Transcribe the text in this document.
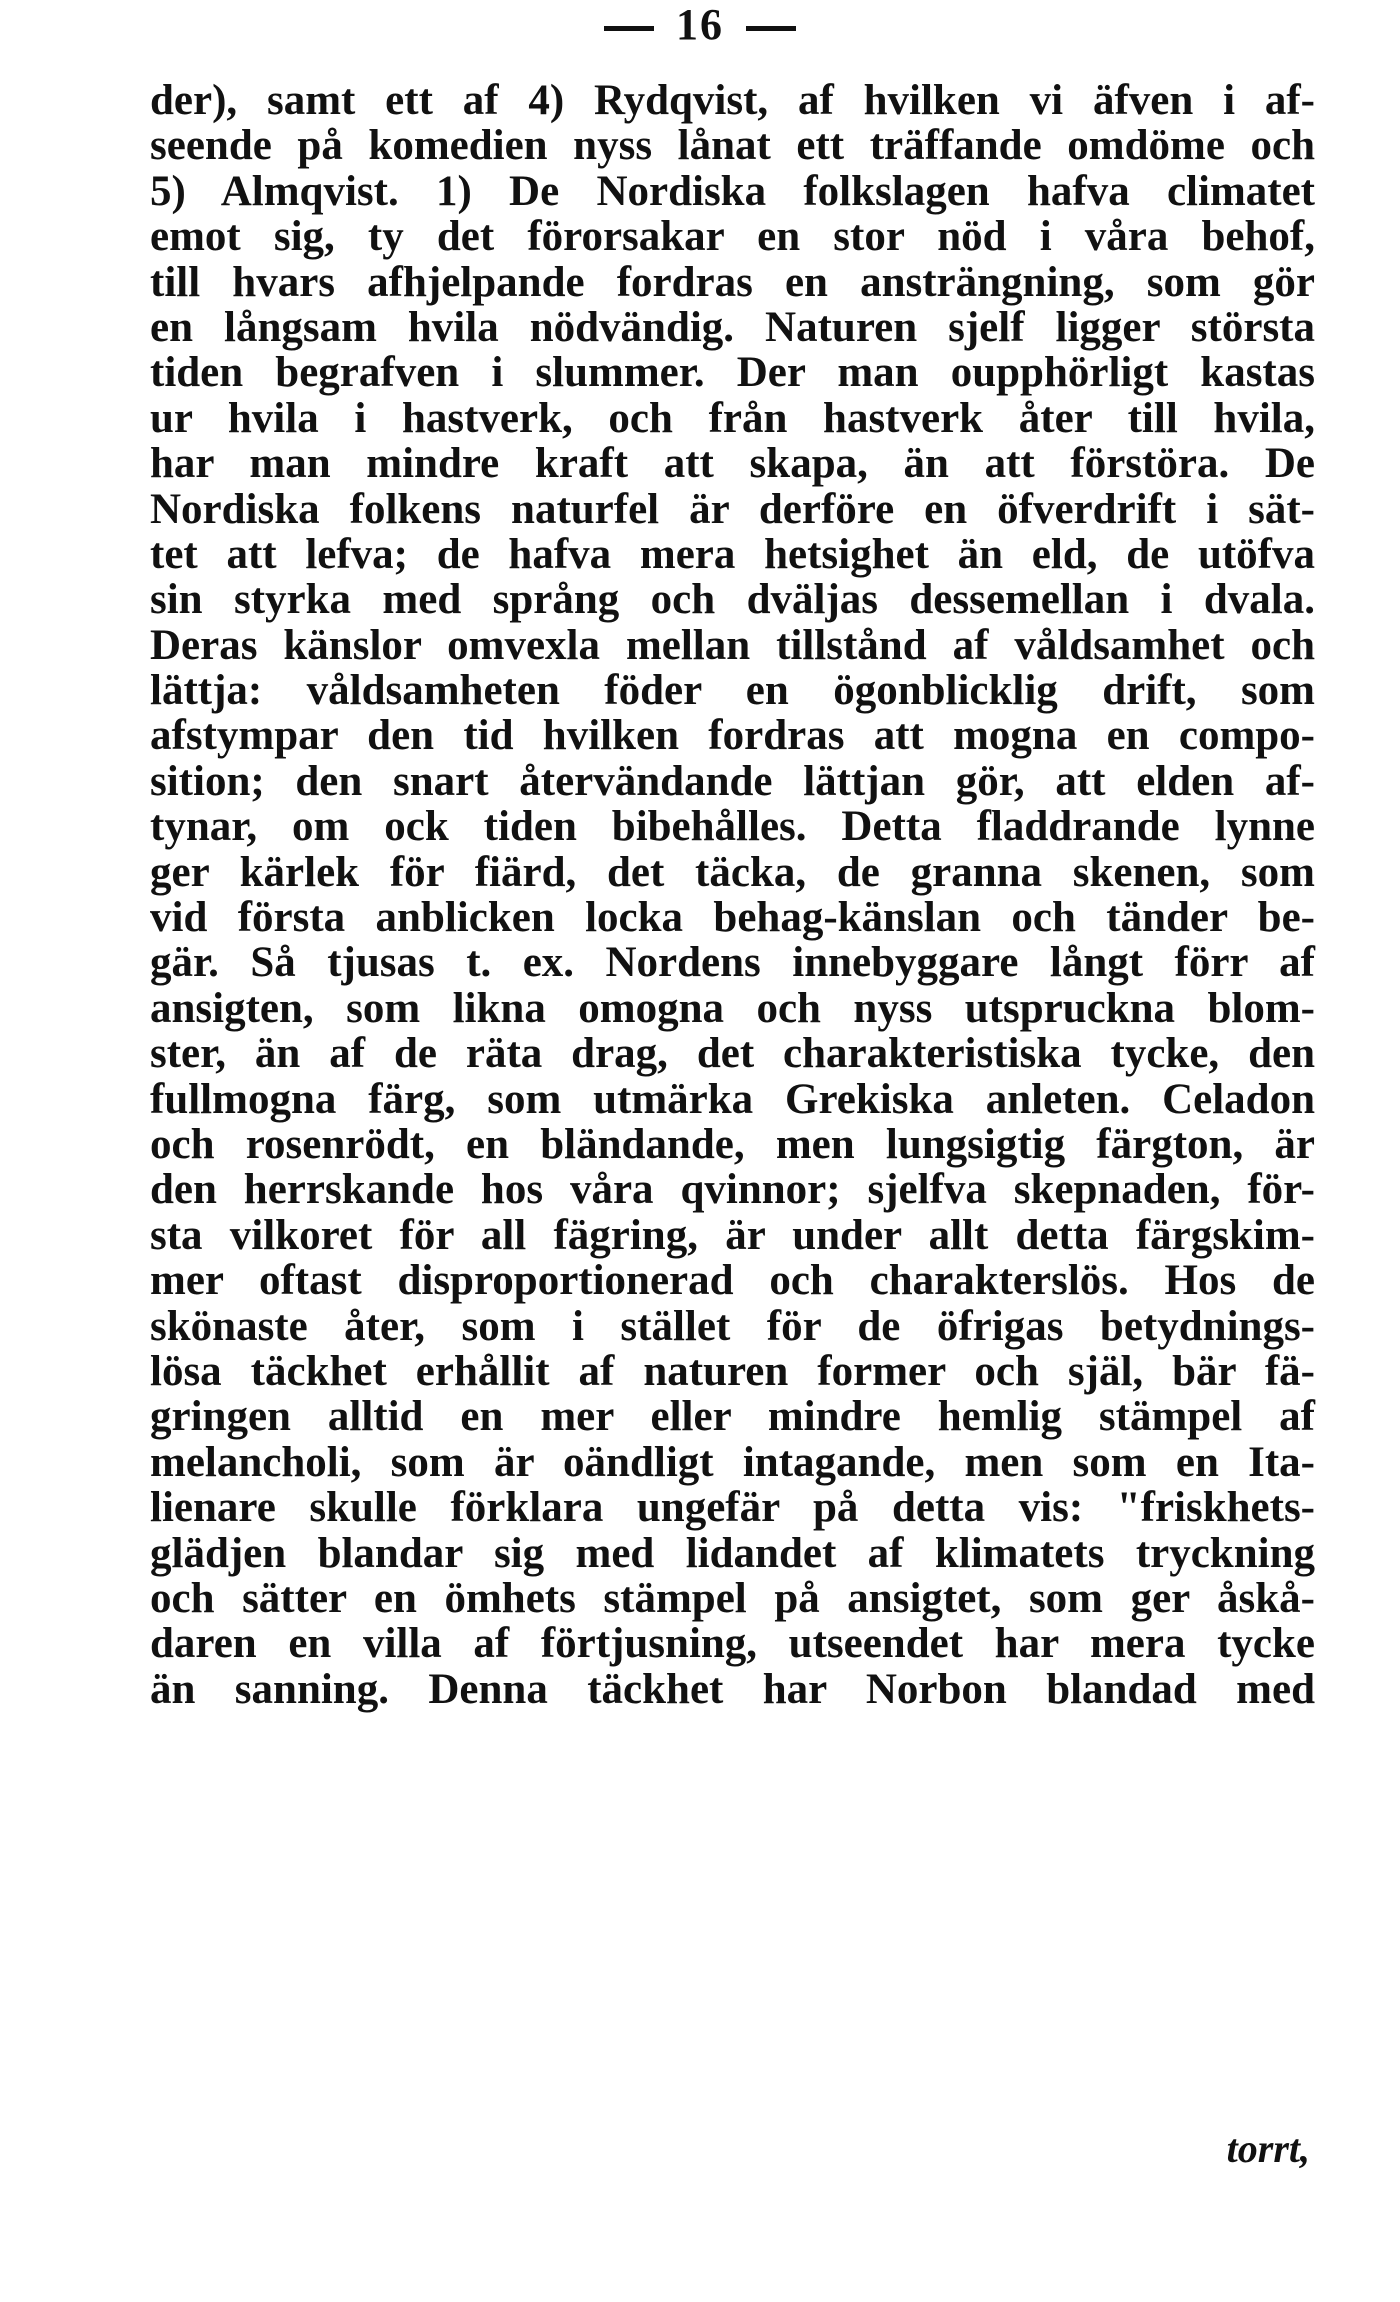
16
der), samt ett af 4) Rydqvist, af hvilken vi äfven i af-
seende på komedien nyss lånat ett träffande omdöme och
5) Almqvist. 1) De Nordiska folkslagen hafva climatet
emot sig, ty det förorsakar en stor nöd i våra behof,
till hvars afhjelpande fordras en ansträngning, som gör
en långsam hvila nödvändig. Naturen sjelf ligger största
tiden begrafven i slummer. Der man oupphörligt kastas
ur hvila i hastverk, och från hastverk åter till hvila,
har man mindre kraft att skapa, än att förstöra. De
Nordiska folkens naturfel är derföre en öfverdrift i sät-
tet att lefva; de hafva mera hetsighet än eld, de utöfva
sin styrka med språng och dväljas dessemellan i dvala.
Deras känslor omvexla mellan tillstånd af våldsamhet och
lättja: våldsamheten föder en ögonblicklig drift, som
afstympar den tid hvilken fordras att mogna en compo-
sition; den snart återvändande lättjan gör, att elden af-
tynar, om ock tiden bibehålles. Detta fladdrande lynne
ger kärlek för fiärd, det täcka, de granna skenen, som
vid första anblicken locka behag-känslan och tänder be-
gär. Så tjusas t. ex. Nordens innebyggare långt förr af
ansigten, som likna omogna och nyss utspruckna blom-
ster, än af de räta drag, det charakteristiska tycke, den
fullmogna färg, som utmärka Grekiska anleten. Celadon
och rosenrödt, en bländande, men lungsigtig färgton, är
den herrskande hos våra qvinnor; sjelfva skepnaden, för-
sta vilkoret för all fägring, är under allt detta färgskim-
mer oftast disproportionerad och charakterslös. Hos de
skönaste åter, som i stället för de öfrigas betydnings-
lösa täckhet erhållit af naturen former och själ, bär fä-
gringen alltid en mer eller mindre hemlig stämpel af
melancholi, som är oändligt intagande, men som en Ita-
lienare skulle förklara ungefär på detta vis: "friskhets-
glädjen blandar sig med lidandet af klimatets tryckning
och sätter en ömhets stämpel på ansigtet, som ger åskå-
daren en villa af förtjusning, utseendet har mera tycke
än sanning. Denna täckhet har Norbon blandad med
torrt,
